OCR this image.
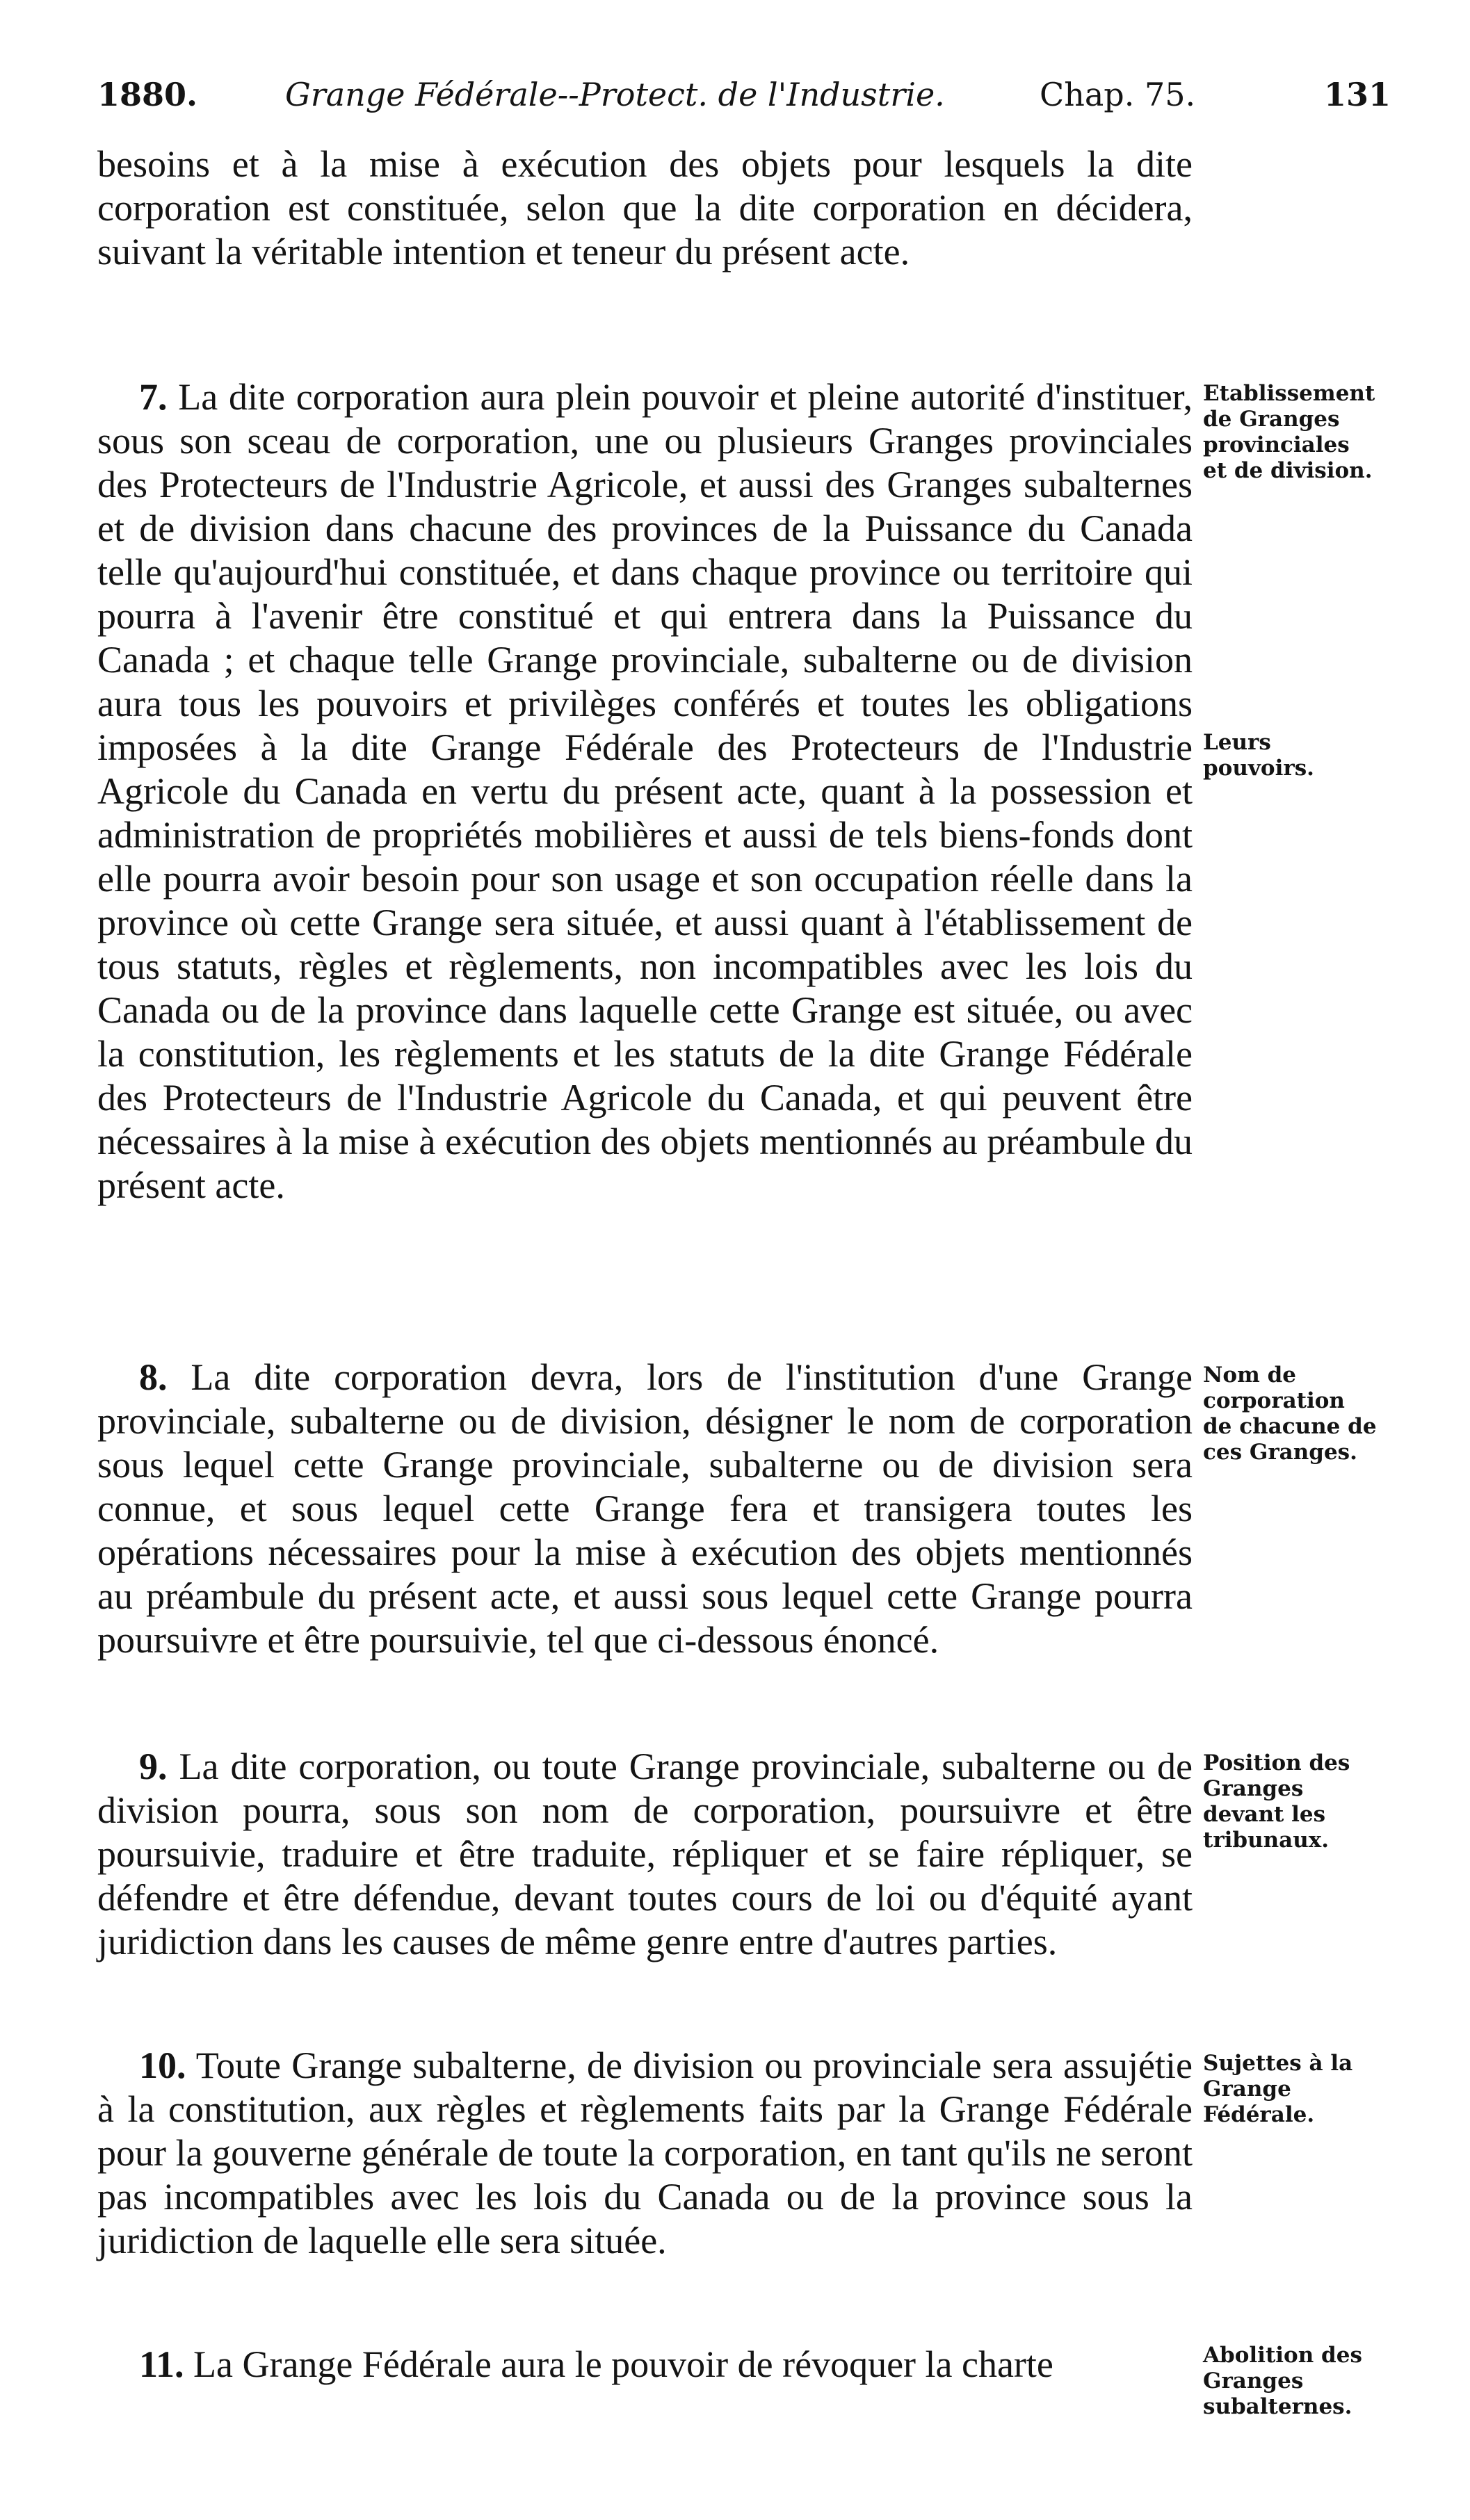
1880.	Grange Fédérale--Protect. de l'Industrie.	Chap. 75.	131

besoins et à la mise à exécution des objets pour lesquels la dite corporation est constituée, selon que la dite corporation en décidera, suivant la véritable intention et teneur du présent acte.

7. La dite corporation aura plein pouvoir et pleine autorité d'instituer, sous son sceau de corporation, une ou plusieurs Granges provinciales des Protecteurs de l'Industrie Agricole, et aussi des Granges subalternes et de division dans chacune des provinces de la Puissance du Canada telle qu'aujourd'hui constituée, et dans chaque province ou territoire qui pourra à l'avenir être constitué et qui entrera dans la Puissance du Canada ; et chaque telle Grange provinciale, subalterne ou de division aura tous les pouvoirs et privilèges conférés et toutes les obligations imposées à la dite Grange Fédérale des Protecteurs de l'Industrie Agricole du Canada en vertu du présent acte, quant à la possession et administration de propriétés mobilières et aussi de tels biens-fonds dont elle pourra avoir besoin pour son usage et son occupation réelle dans la province où cette Grange sera située, et aussi quant à l'établissement de tous statuts, règles et règlements, non incompatibles avec les lois du Canada ou de la province dans laquelle cette Grange est située, ou avec la constitution, les règlements et les statuts de la dite Grange Fédérale des Protecteurs de l'Industrie Agricole du Canada, et qui peuvent être nécessaires à la mise à exécution des objets mentionnés au préambule du présent acte.

8. La dite corporation devra, lors de l'institution d'une Grange provinciale, subalterne ou de division, désigner le nom de corporation sous lequel cette Grange provinciale, subalterne ou de division sera connue, et sous lequel cette Grange fera et transigera toutes les opérations nécessaires pour la mise à exécution des objets mentionnés au préambule du présent acte, et aussi sous lequel cette Grange pourra poursuivre et être poursuivie, tel que ci-dessous énoncé.

9. La dite corporation, ou toute Grange provinciale, subalterne ou de division pourra, sous son nom de corporation, poursuivre et être poursuivie, traduire et être traduite, répliquer et se faire répliquer, se défendre et être défendue, devant toutes cours de loi ou d'équité ayant juridiction dans les causes de même genre entre d'autres parties.

10. Toute Grange subalterne, de division ou provinciale sera assujétie à la constitution, aux règles et règlements faits par la Grange Fédérale pour la gouverne générale de toute la corporation, en tant qu'ils ne seront pas incompatibles avec les lois du Canada ou de la province sous la juridiction de laquelle elle sera située.

11. La Grange Fédérale aura le pouvoir de révoquer la charte

Etablissement de Granges provinciales et de division.
Leurs pouvoirs.
Nom de corporation de chacune de ces Granges.
Position des Granges devant les tribunaux.
Sujettes à la Grange Fédérale.
Abolition des Granges subalternes.
